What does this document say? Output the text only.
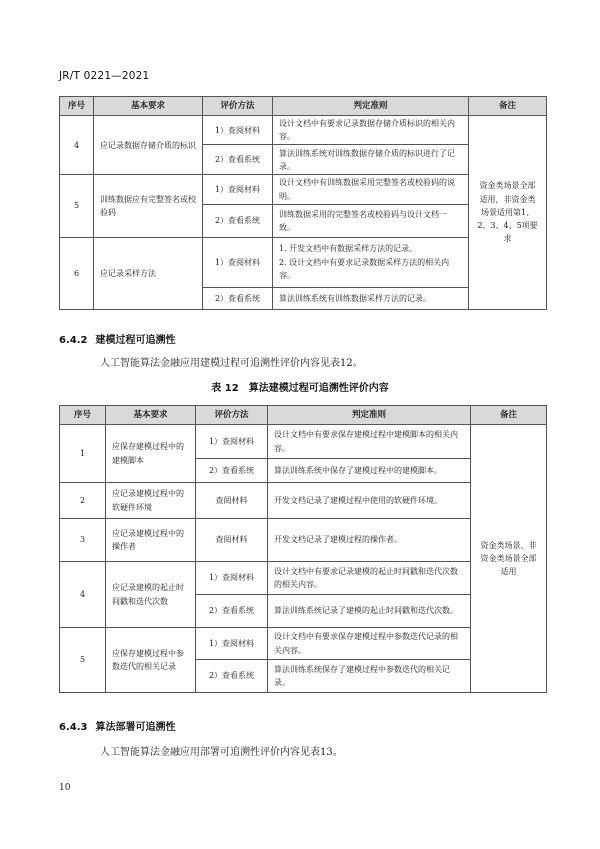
JR/T 0221—2021
序号	基本要求	评价方法	判定准则	备注
4	应记录数据存储介质的标识	1）查阅材料	设计文档中有要求记录数据存储介质标识的相关内容。	资金类场景全部适用，非资金类场景适用第1、2、3、4、5项要求
		2）查看系统	算法训练系统对训练数据存储介质的标识进行了记录。	
5	训练数据应有完整签名或校验码	1）查阅材料	设计文档中有训练数据采用完整签名或校验码的说明。	
		2）查看系统	训练数据采用的完整签名或校验码与设计文档一致。	
6	应记录采样方法	1）查阅材料	1. 开发文档中有数据采样方法的记录。
2. 设计文档中有要求记录数据采样方法的相关内容。	

		2）查看系统	算法训练系统有训练数据采样方法的记录。	
6.4.2 建模过程可追溯性
人工智能算法金融应用建模过程可追溯性评价内容见表12。
表 12　算法建模过程可追溯性评价内容
序号	基本要求	评价方法	判定准则	备注
1	应保存建模过程中的建模脚本	1）查阅材料	设计文档中有要求保存建模过程中建模脚本的相关内容。	资金类场景、非资金类场景全部适用
		2）查看系统	算法训练系统中保存了建模过程中的建模脚本。	
2	应记录建模过程中的软硬件环境	查阅材料	开发文档记录了建模过程中使用的软硬件环境。	
3	应记录建模过程中的操作者	查阅材料	开发文档记录了建模过程的操作者。	
4	应记录建模的起止时间戳和迭代次数	1）查阅材料	设计文档中有要求记录建模的起止时间戳和迭代次数的相关内容。	
		2）查看系统	算法训练系统记录了建模的起止时间戳和迭代次数。	
5	应保存建模过程中参数迭代的相关记录	1）查阅材料	设计文档中有要求保存建模过程中参数迭代记录的相关内容。	
		2）查看系统	算法训练系统保存了建模过程中参数迭代的相关记录。	
6.4.3 算法部署可追溯性
人工智能算法金融应用部署可追溯性评价内容见表13。
10
